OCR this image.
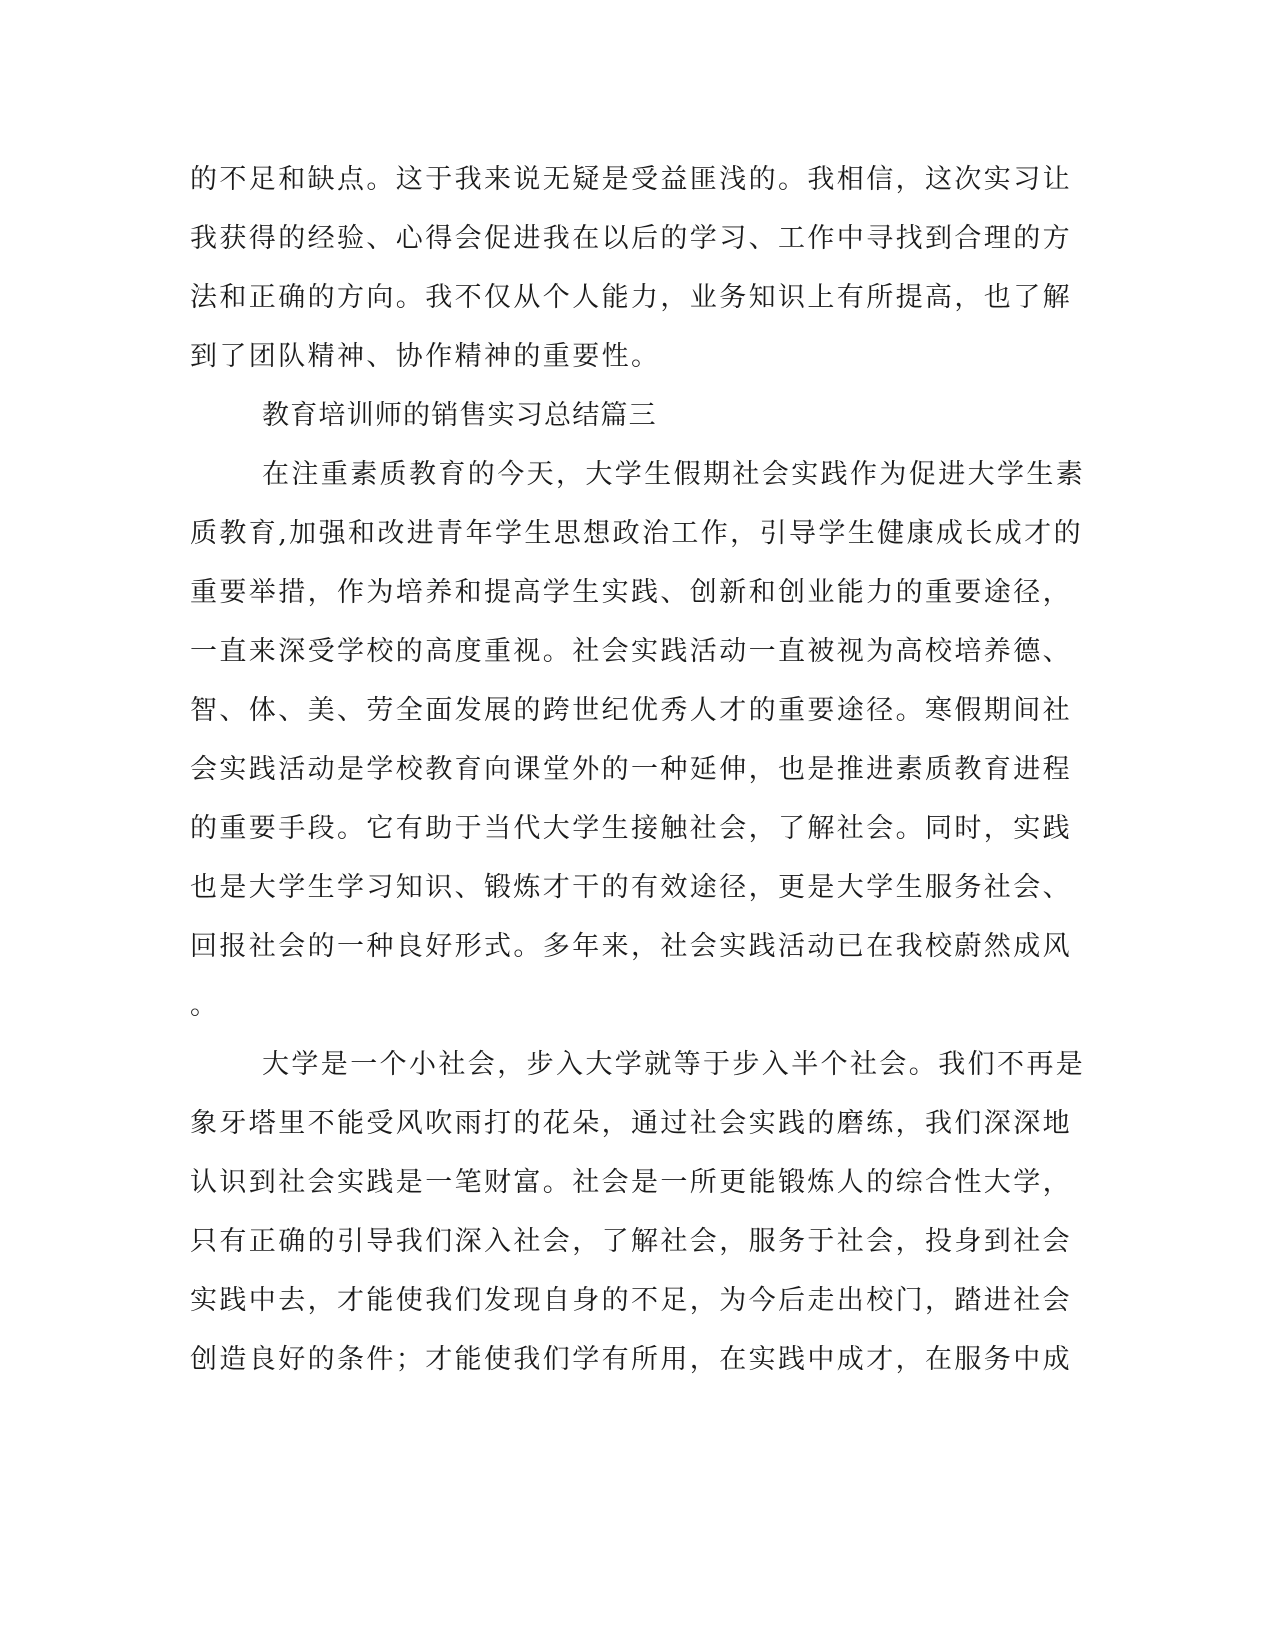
的不足和缺点。这于我来说无疑是受益匪浅的。我相信，这次实习让

我获得的经验、心得会促进我在以后的学习、工作中寻找到合理的方

法和正确的方向。我不仅从个人能力，业务知识上有所提高，也了解

到了团队精神、协作精神的重要性。

教育培训师的销售实习总结篇三

在注重素质教育的今天，大学生假期社会实践作为促进大学生素

质教育,加强和改进青年学生思想政治工作，引导学生健康成长成才的

重要举措，作为培养和提高学生实践、创新和创业能力的重要途径，

一直来深受学校的高度重视。社会实践活动一直被视为高校培养德、

智、体、美、劳全面发展的跨世纪优秀人才的重要途径。寒假期间社

会实践活动是学校教育向课堂外的一种延伸，也是推进素质教育进程

的重要手段。它有助于当代大学生接触社会，了解社会。同时，实践

也是大学生学习知识、锻炼才干的有效途径，更是大学生服务社会、

回报社会的一种良好形式。多年来，社会实践活动已在我校蔚然成风

。

大学是一个小社会，步入大学就等于步入半个社会。我们不再是

象牙塔里不能受风吹雨打的花朵，通过社会实践的磨练，我们深深地

认识到社会实践是一笔财富。社会是一所更能锻炼人的综合性大学，

只有正确的引导我们深入社会，了解社会，服务于社会，投身到社会

实践中去，才能使我们发现自身的不足，为今后走出校门，踏进社会

创造良好的条件；才能使我们学有所用，在实践中成才，在服务中成
